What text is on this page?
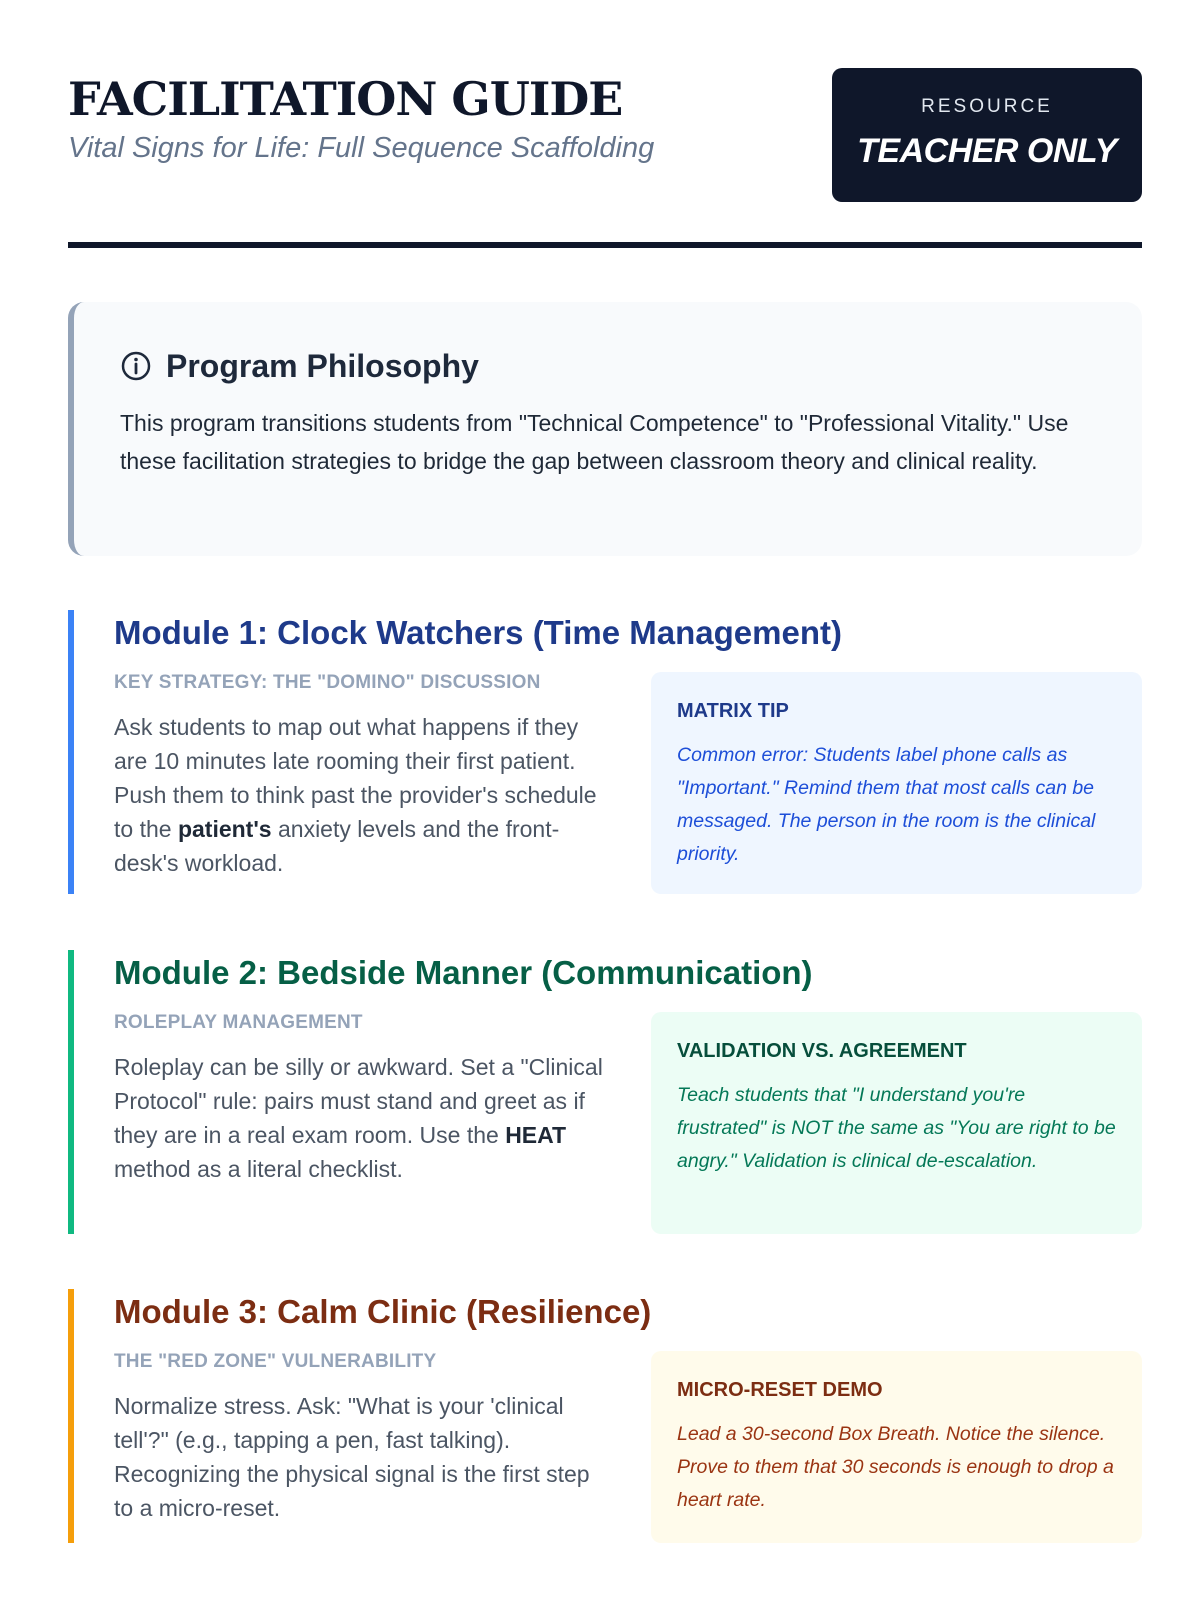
FACILITATION GUIDE
Vital Signs for Life: Full Sequence Scaffolding
RESOURCE
TEACHER ONLY
Program Philosophy
This program transitions students from "Technical Competence" to "Professional Vitality." Use these facilitation strategies to bridge the gap between classroom theory and clinical reality.
Module 1: Clock Watchers (Time Management)
KEY STRATEGY: THE "DOMINO" DISCUSSION
Ask students to map out what happens if they are 10 minutes late rooming their first patient. Push them to think past the provider's schedule to the patient's anxiety levels and the front-desk's workload.
MATRIX TIP
Common error: Students label phone calls as "Important." Remind them that most calls can be messaged. The person in the room is the clinical priority.
Module 2: Bedside Manner (Communication)
ROLEPLAY MANAGEMENT
Roleplay can be silly or awkward. Set a "Clinical Protocol" rule: pairs must stand and greet as if they are in a real exam room. Use the HEAT method as a literal checklist.
VALIDATION VS. AGREEMENT
Teach students that "I understand you're frustrated" is NOT the same as "You are right to be angry." Validation is clinical de-escalation.
Module 3: Calm Clinic (Resilience)
THE "RED ZONE" VULNERABILITY
Normalize stress. Ask: "What is your 'clinical tell'?" (e.g., tapping a pen, fast talking). Recognizing the physical signal is the first step to a micro-reset.
MICRO-RESET DEMO
Lead a 30-second Box Breath. Notice the silence. Prove to them that 30 seconds is enough to drop a heart rate.
